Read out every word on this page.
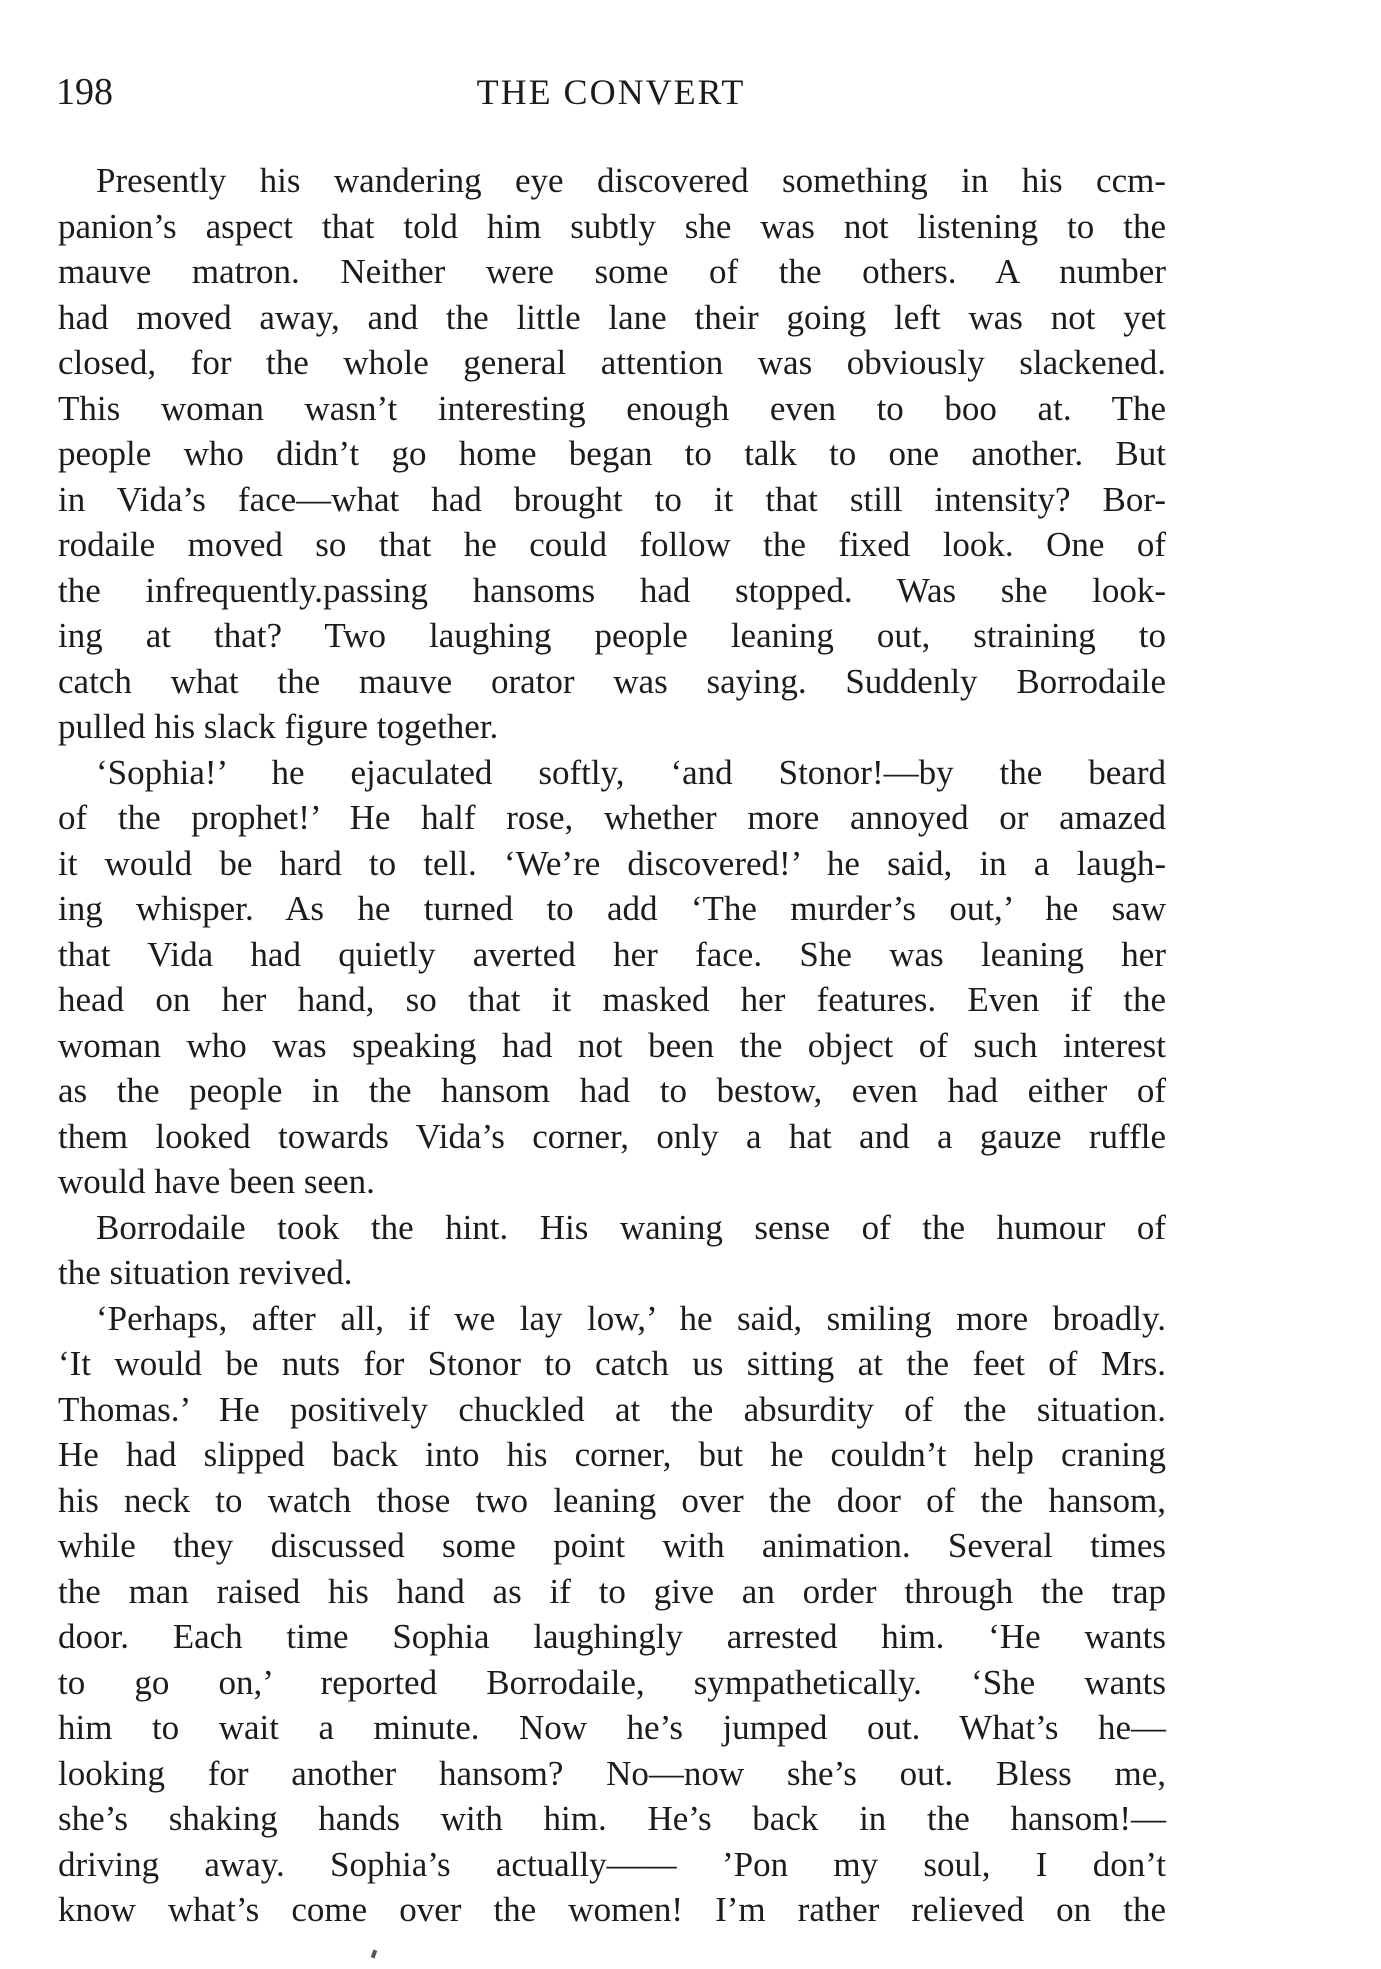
198	THE CONVERT
Presently his wandering eye discovered something in his ccm-
panion’s aspect that told him subtly she was not listening to the
mauve matron. Neither were some of the others. A number
had moved away, and the little lane their going left was not yet
closed, for the whole general attention was obviously slackened.
This woman wasn’t interesting enough even to boo at. The
people who didn’t go home began to talk to one another. But
in Vida’s face—what had brought to it that still intensity? Bor-
rodaile moved so that he could follow the fixed look. One of
the infrequently.passing hansoms had stopped. Was she look-
ing at that? Two laughing people leaning out, straining to
catch what the mauve orator was saying. Suddenly Borrodaile
pulled his slack figure together.
‘Sophia!’ he ejaculated softly, ‘and Stonor!—by the beard
of the prophet!’ He half rose, whether more annoyed or amazed
it would be hard to tell. ‘We’re discovered!’ he said, in a laugh-
ing whisper. As he turned to add ‘The murder’s out,’ he saw
that Vida had quietly averted her face. She was leaning her
head on her hand, so that it masked her features. Even if the
woman who was speaking had not been the object of such interest
as the people in the hansom had to bestow, even had either of
them looked towards Vida’s corner, only a hat and a gauze ruffle
would have been seen.
Borrodaile took the hint. His waning sense of the humour of
the situation revived.
‘Perhaps, after all, if we lay low,’ he said, smiling more broadly.
‘It would be nuts for Stonor to catch us sitting at the feet of Mrs.
Thomas.’ He positively chuckled at the absurdity of the situation.
He had slipped back into his corner, but he couldn’t help craning
his neck to watch those two leaning over the door of the hansom,
while they discussed some point with animation. Several times
the man raised his hand as if to give an order through the trap
door. Each time Sophia laughingly arrested him. ‘He wants
to go on,’ reported Borrodaile, sympathetically. ‘She wants
him to wait a minute. Now he’s jumped out. What’s he—
looking for another hansom? No—now she’s out. Bless me,
she’s shaking hands with him. He’s back in the hansom!—
driving away. Sophia’s actually—— ’Pon my soul, I don’t
know what’s come over the women! I’m rather relieved on the
